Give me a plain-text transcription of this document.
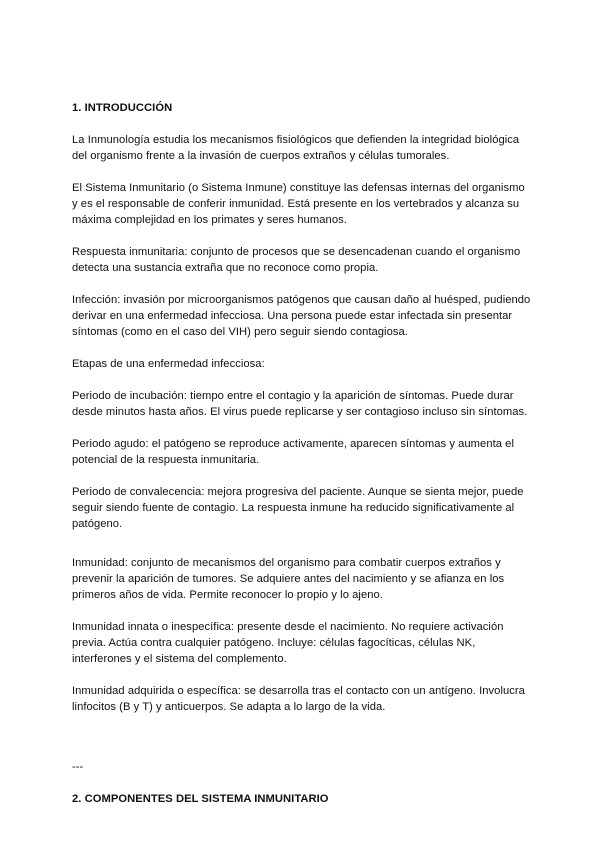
1. INTRODUCCIÓN

La Inmunología estudia los mecanismos fisiológicos que defienden la integridad biológica del organismo frente a la invasión de cuerpos extraños y células tumorales.

El Sistema Inmunitario (o Sistema Inmune) constituye las defensas internas del organismo y es el responsable de conferir inmunidad. Está presente en los vertebrados y alcanza su máxima complejidad en los primates y seres humanos.

Respuesta inmunitaria: conjunto de procesos que se desencadenan cuando el organismo detecta una sustancia extraña que no reconoce como propia.

Infección: invasión por microorganismos patógenos que causan daño al huésped, pudiendo derivar en una enfermedad infecciosa. Una persona puede estar infectada sin presentar síntomas (como en el caso del VIH) pero seguir siendo contagiosa.

Etapas de una enfermedad infecciosa:

Periodo de incubación: tiempo entre el contagio y la aparición de síntomas. Puede durar desde minutos hasta años. El virus puede replicarse y ser contagioso incluso sin síntomas.

Periodo agudo: el patógeno se reproduce activamente, aparecen síntomas y aumenta el potencial de la respuesta inmunitaria.

Periodo de convalecencia: mejora progresiva del paciente. Aunque se sienta mejor, puede seguir siendo fuente de contagio. La respuesta inmune ha reducido significativamente al patógeno.

Inmunidad: conjunto de mecanismos del organismo para combatir cuerpos extraños y prevenir la aparición de tumores. Se adquiere antes del nacimiento y se afianza en los primeros años de vida. Permite reconocer lo propio y lo ajeno.

Inmunidad innata o inespecífica: presente desde el nacimiento. No requiere activación previa. Actúa contra cualquier patógeno. Incluye: células fagocíticas, células NK, interferones y el sistema del complemento.

Inmunidad adquirida o específica: se desarrolla tras el contacto con un antígeno. Involucra linfocitos (B y T) y anticuerpos. Se adapta a lo largo de la vida.

---

2. COMPONENTES DEL SISTEMA INMUNITARIO
